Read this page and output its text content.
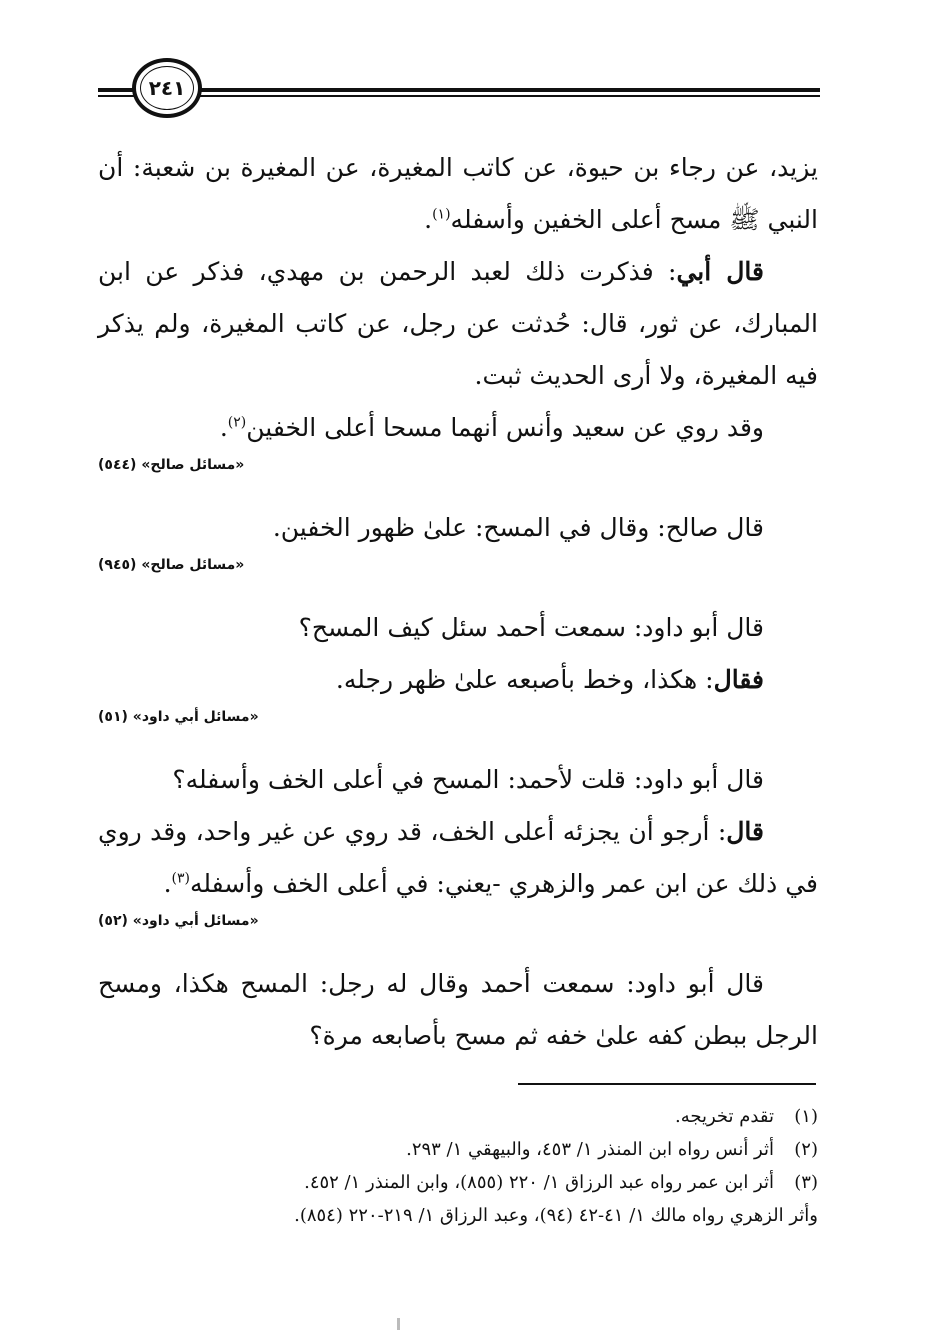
٢٤١

يزيد، عن رجاء بن حيوة، عن كاتب المغيرة، عن المغيرة بن شعبة: أن النبي ﷺ مسح أعلى الخفين وأسفله$^{(١)}$.

قال أبي: فذكرت ذلك لعبد الرحمن بن مهدي، فذكر عن ابن المبارك، عن ثور، قال: حُدثت عن رجل، عن كاتب المغيرة، ولم يذكر فيه المغيرة، ولا أرى الحديث ثبت.

وقد روي عن سعيد وأنس أنهما مسحا أعلى الخفين$^{(٢)}$.

«مسائل صالح» (٥٤٤)

قال صالح: وقال في المسح: علىٰ ظهور الخفين.

«مسائل صالح» (٩٤٥)

قال أبو داود: سمعت أحمد سئل كيف المسح؟

فقال: هكذا، وخط بأصبعه علىٰ ظهر رجله.

«مسائل أبي داود» (٥١)

قال أبو داود: قلت لأحمد: المسح في أعلى الخف وأسفله؟

قال: أرجو أن يجزئه أعلى الخف، قد روي عن غير واحد، وقد روي في ذلك عن ابن عمر والزهري -يعني: في أعلى الخف وأسفله$^{(٣)}$.

«مسائل أبي داود» (٥٢)

قال أبو داود: سمعت أحمد وقال له رجل: المسح هكذا، ومسح الرجل ببطن كفه علىٰ خفه ثم مسح بأصابعه مرة؟

(١)تقدم تخريجه.

(٢)أثر أنس رواه ابن المنذر ١/ ٤٥٣، والبيهقي ١/ ٢٩٣.

(٣)أثر ابن عمر رواه عبد الرزاق ١/ ٢٢٠ (٨٥٥)، وابن المنذر ١/ ٤٥٢.

وأثر الزهري رواه مالك ١/ ٤١-٤٢ (٩٤)، وعبد الرزاق ١/ ٢١٩-٢٢٠ (٨٥٤).
